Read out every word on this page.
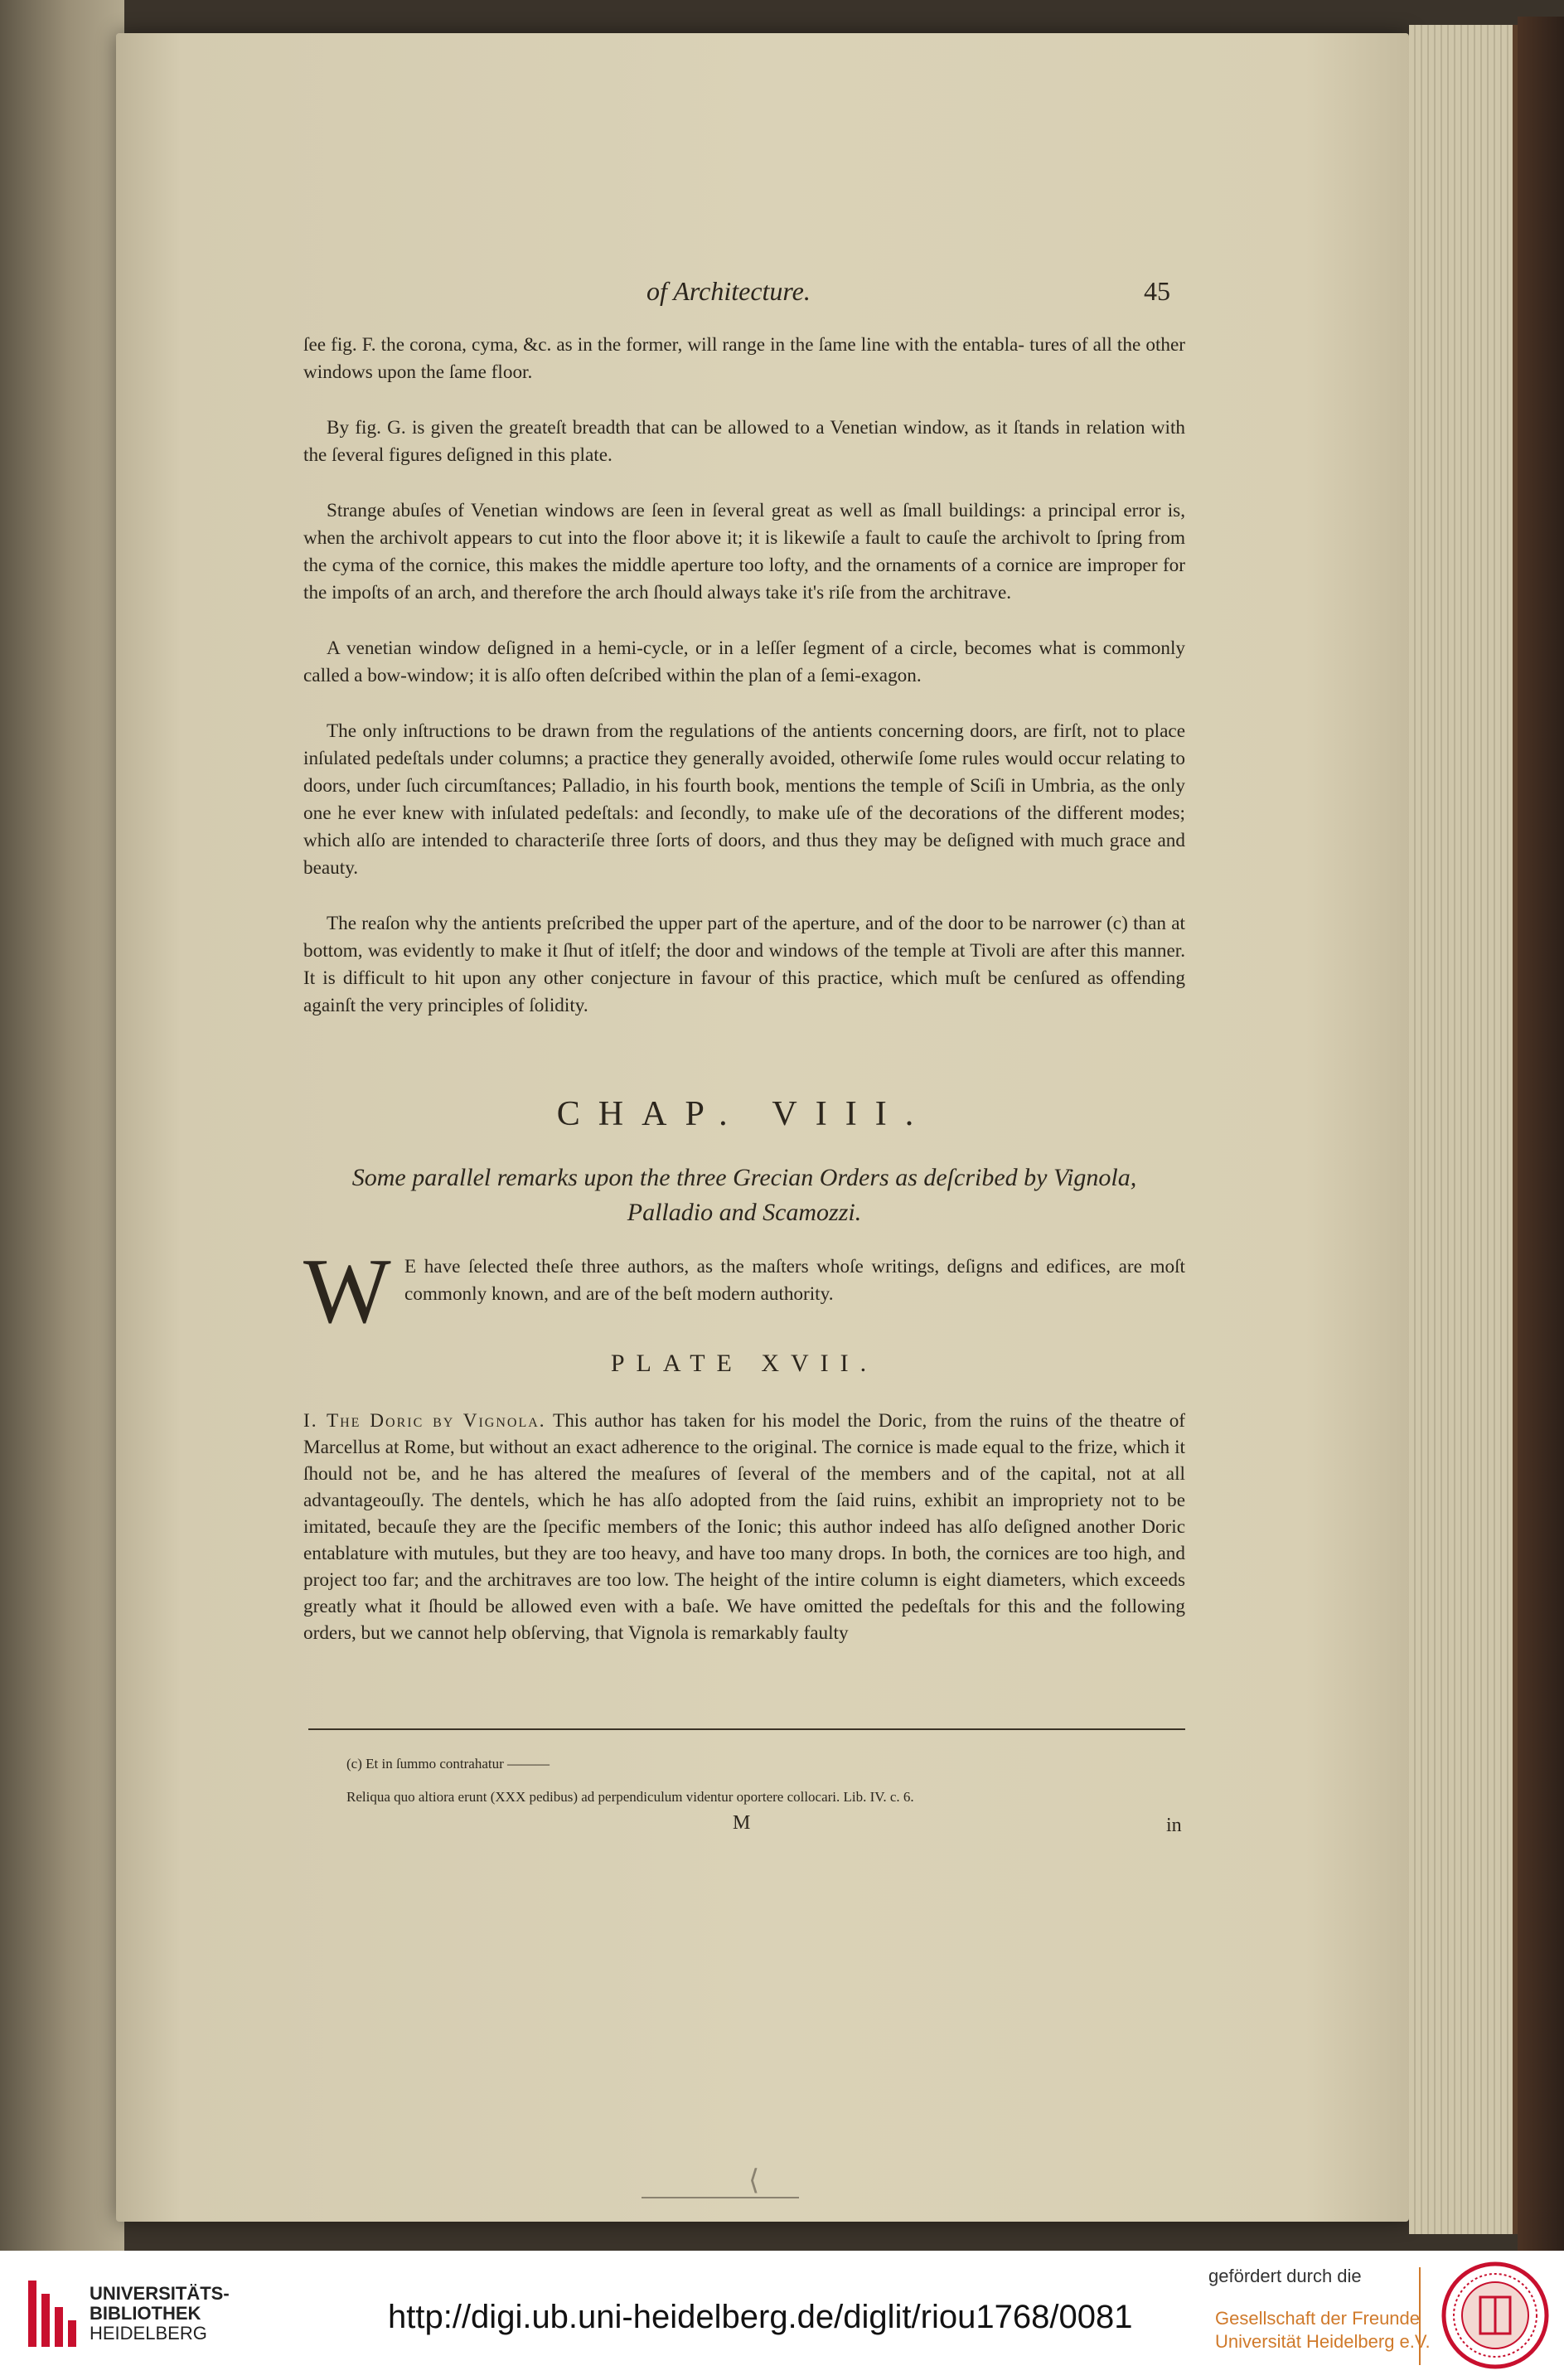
of Architecture.	45

ſee fig. F. the corona, cyma, &c. as in the former, will range in the ſame line with the entabla- tures of all the other windows upon the ſame floor.

By fig. G. is given the greateſt breadth that can be allowed to a Venetian window, as it ſtands in relation with the ſeveral figures deſigned in this plate.

Strange abuſes of Venetian windows are ſeen in ſeveral great as well as ſmall buildings: a principal error is, when the archivolt appears to cut into the floor above it; it is likewiſe a fault to cauſe the archivolt to ſpring from the cyma of the cornice, this makes the middle aperture too lofty, and the ornaments of a cornice are improper for the impoſts of an arch, and therefore the arch ſhould always take it's riſe from the architrave.

A venetian window deſigned in a hemi-cycle, or in a leſſer ſegment of a circle, becomes what is commonly called a bow-window; it is alſo often deſcribed within the plan of a ſemi-exagon.

The only inſtructions to be drawn from the regulations of the antients concerning doors, are firſt, not to place inſulated pedeſtals under columns; a practice they generally avoided, otherwiſe ſome rules would occur relating to doors, under ſuch circumſtances; Palladio, in his fourth book, mentions the temple of Sciſi in Umbria, as the only one he ever knew with inſulated pedeſtals: and ſecondly, to make uſe of the decorations of the different modes; which alſo are intended to characteriſe three ſorts of doors, and thus they may be deſigned with much grace and beauty.

The reaſon why the antients preſcribed the upper part of the aperture, and of the door to be narrower (c) than at bottom, was evidently to make it ſhut of itſelf; the door and windows of the temple at Tivoli are after this manner. It is difficult to hit upon any other conjecture in favour of this practice, which muſt be cenſured as offending againſt the very principles of ſolidity.

CHAP. VIII.
Some parallel remarks upon the three Grecian Orders as deſcribed by Vignola,
Palladio and Scamozzi.
W E have ſelected theſe three authors, as the maſters whoſe writings, deſigns and edifices, are moſt commonly known, and are of the beſt modern authority.
PLATE XVII.
I. The Doric by Vignola. This author has taken for his model the Doric, from the ruins of the theatre of Marcellus at Rome, but without an exact adherence to the original. The cornice is made equal to the frize, which it ſhould not be, and he has altered the meaſures of ſeveral of the members and of the capital, not at all advantageouſly. The dentels, which he has alſo adopted from the ſaid ruins, exhibit an impropriety not to be imitated, becauſe they are the ſpecific members of the Ionic; this author indeed has alſo deſigned another Doric entablature with mutules, but they are too heavy, and have too many drops. In both, the cornices are too high, and project too far; and the architraves are too low. The height of the intire column is eight diameters, which exceeds greatly what it ſhould be allowed even with a baſe. We have omitted the pedeſtals for this and the following orders, but we cannot help obſerving, that Vignola is remarkably faulty
(c) Et in ſummo contrahatur ———
Reliqua quo altiora erunt (XXX pedibus) ad perpendiculum videntur oportere collocari. Lib. IV. c. 6.
M	in
⟨
UNIVERSITÄTS-
BIBLIOTHEK
HEIDELBERG	http://digi.ub.uni-heidelberg.de/diglit/riou1768/0081
gefördert durch die
Gesellschaft der Freunde
Universität Heidelberg e.V.
